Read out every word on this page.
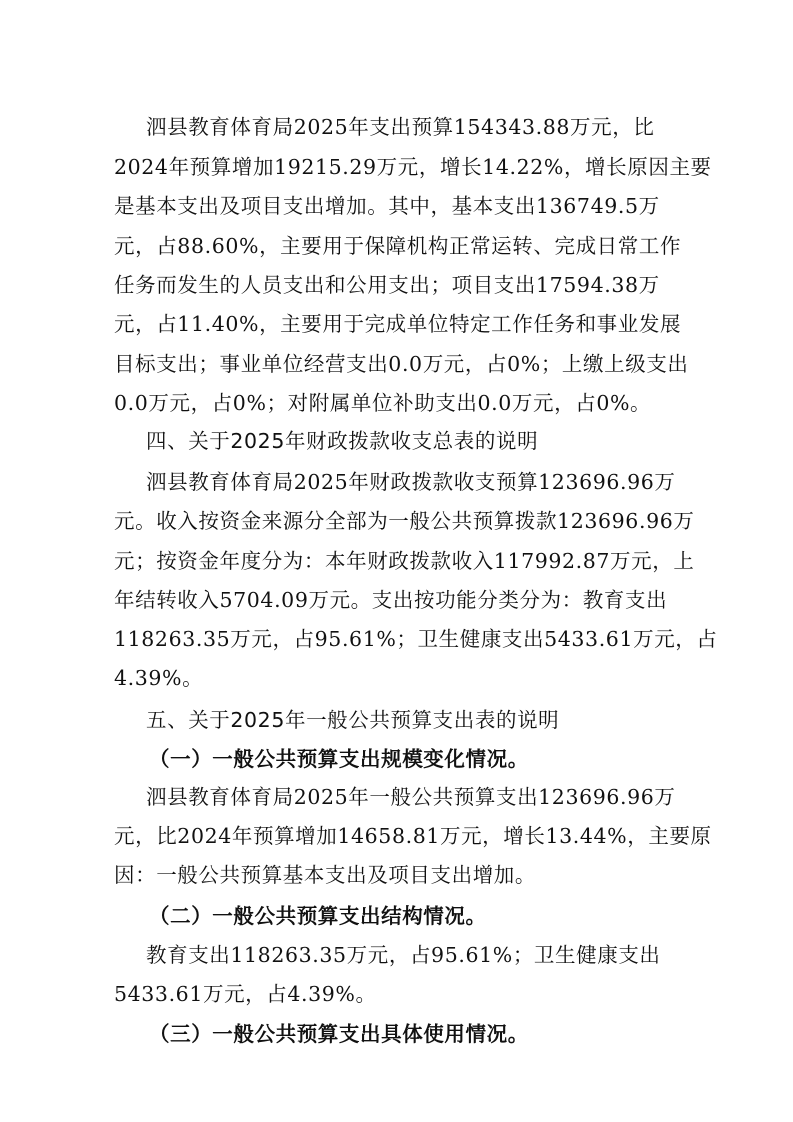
泗县教育体育局2025年支出预算154343.88万元，比
2024年预算增加19215.29万元，增长14.22%，增长原因主要
是基本支出及项目支出增加。其中，基本支出136749.5万
元，占88.60%，主要用于保障机构正常运转、完成日常工作
任务而发生的人员支出和公用支出；项目支出17594.38万
元，占11.40%，主要用于完成单位特定工作任务和事业发展
目标支出；事业单位经营支出0.0万元，占0%；上缴上级支出
0.0万元，占0%；对附属单位补助支出0.0万元，占0%。
四、关于2025年财政拨款收支总表的说明
泗县教育体育局2025年财政拨款收支预算123696.96万
元。收入按资金来源分全部为一般公共预算拨款123696.96万
元；按资金年度分为：本年财政拨款收入117992.87万元，上
年结转收入5704.09万元。支出按功能分类分为：教育支出
118263.35万元，占95.61%；卫生健康支出5433.61万元，占
4.39%。
五、关于2025年一般公共预算支出表的说明
（一）一般公共预算支出规模变化情况。
泗县教育体育局2025年一般公共预算支出123696.96万
元，比2024年预算增加14658.81万元，增长13.44%，主要原
因：一般公共预算基本支出及项目支出增加。
（二）一般公共预算支出结构情况。
教育支出118263.35万元，占95.61%；卫生健康支出
5433.61万元，占4.39%。
（三）一般公共预算支出具体使用情况。
